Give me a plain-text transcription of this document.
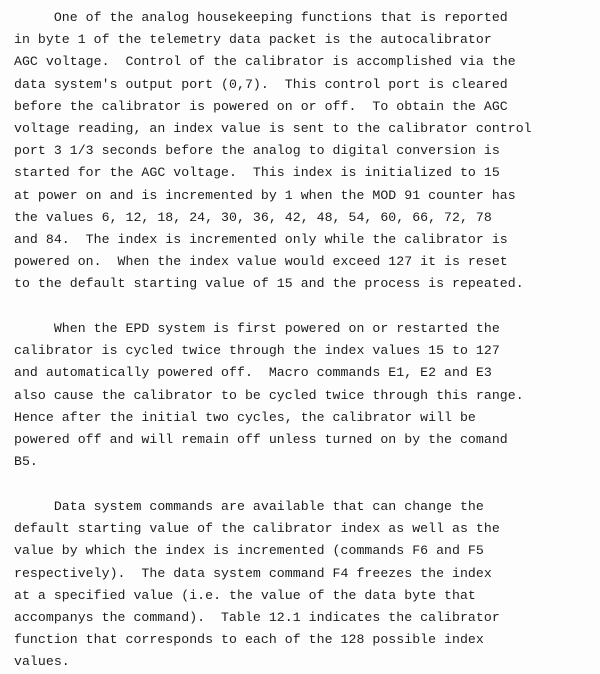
One of the analog housekeeping functions that is reported
in byte 1 of the telemetry data packet is the autocalibrator
AGC voltage.  Control of the calibrator is accomplished via the
data system's output port (0,7).  This control port is cleared
before the calibrator is powered on or off.  To obtain the AGC
voltage reading, an index value is sent to the calibrator control
port 3 1/3 seconds before the analog to digital conversion is
started for the AGC voltage.  This index is initialized to 15
at power on and is incremented by 1 when the MOD 91 counter has
the values 6, 12, 18, 24, 30, 36, 42, 48, 54, 60, 66, 72, 78
and 84.  The index is incremented only while the calibrator is
powered on.  When the index value would exceed 127 it is reset
to the default starting value of 15 and the process is repeated.
When the EPD system is first powered on or restarted the
calibrator is cycled twice through the index values 15 to 127
and automatically powered off.  Macro commands E1, E2 and E3
also cause the calibrator to be cycled twice through this range.
Hence after the initial two cycles, the calibrator will be
powered off and will remain off unless turned on by the comand
B5.
Data system commands are available that can change the
default starting value of the calibrator index as well as the
value by which the index is incremented (commands F6 and F5
respectively).  The data system command F4 freezes the index
at a specified value (i.e. the value of the data byte that
accompanys the command).  Table 12.1 indicates the calibrator
function that corresponds to each of the 128 possible index
values.
